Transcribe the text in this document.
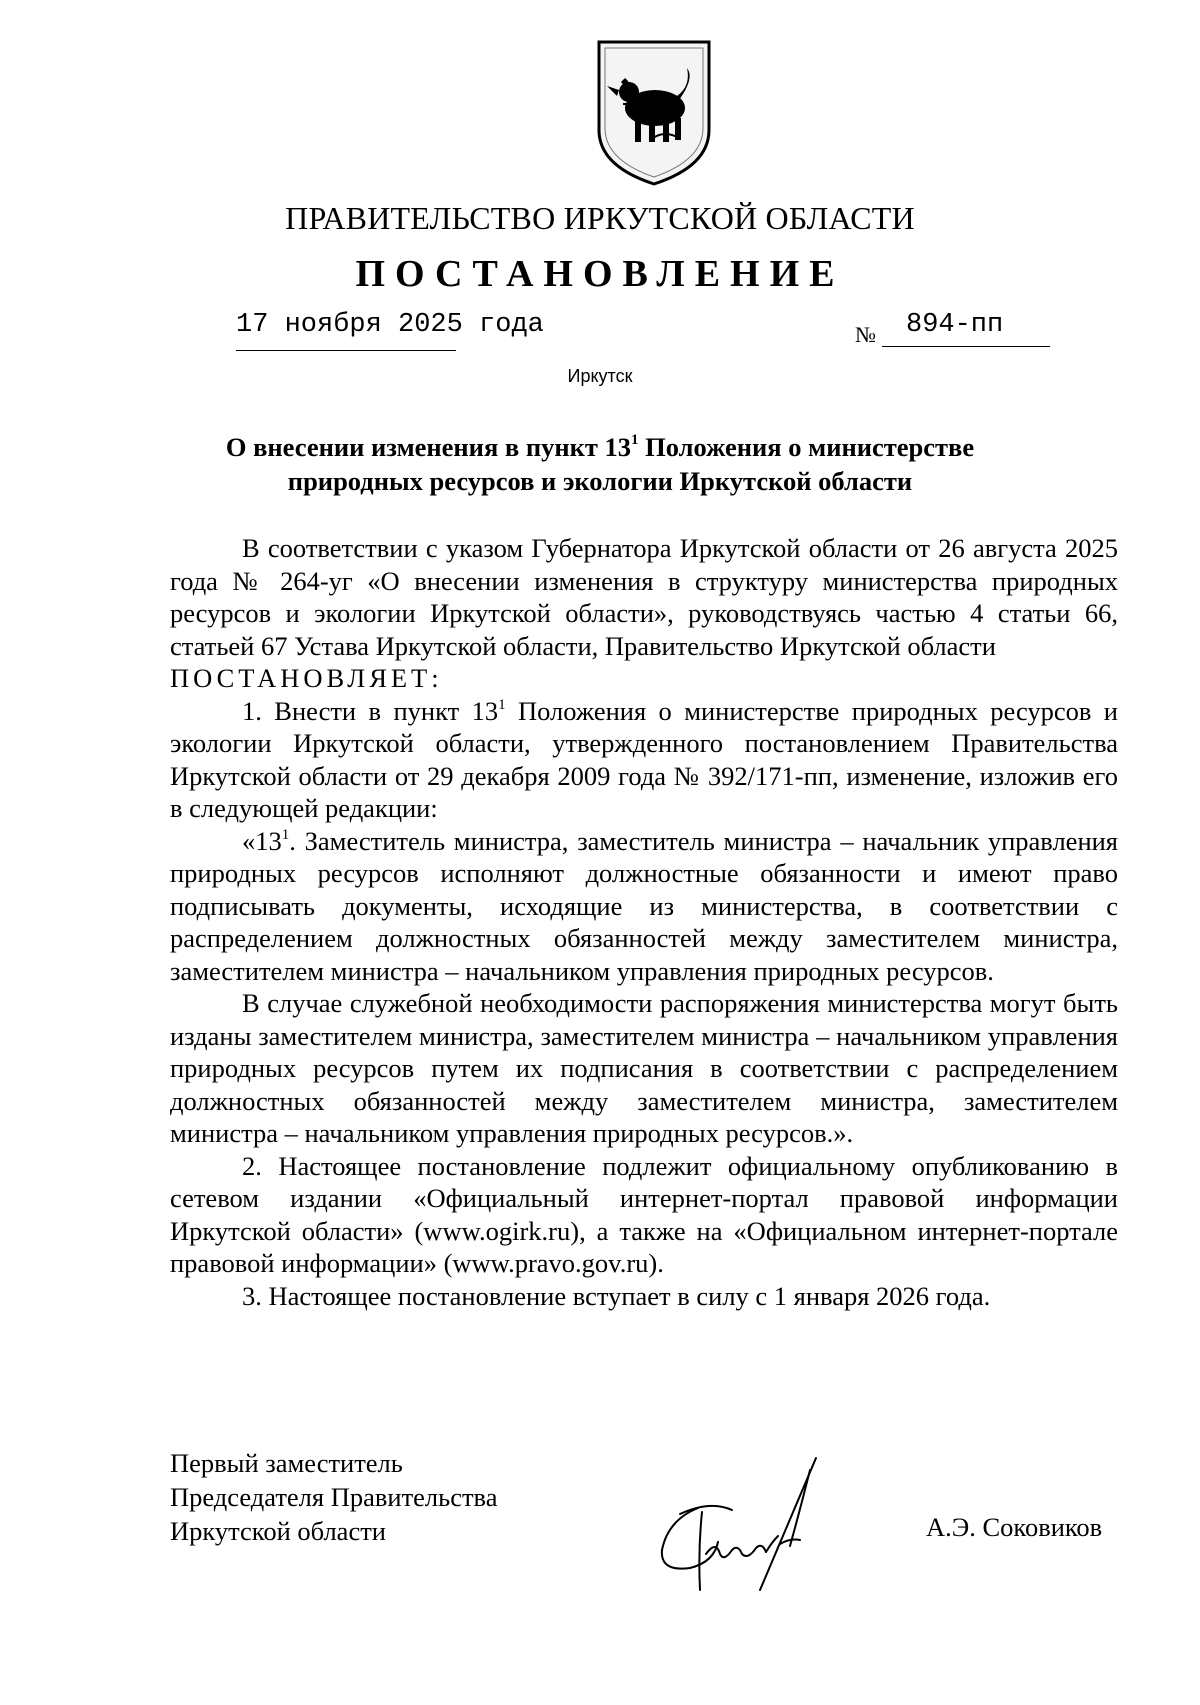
ПРАВИТЕЛЬСТВО ИРКУТСКОЙ ОБЛАСТИ
ПОСТАНОВЛЕНИЕ
17 ноября 2025 года	№ 894-пп
Иркутск
О внесении изменения в пункт $13^1$ Положения о министерстве
природных ресурсов и экологии Иркутской области

В соответствии с указом Губернатора Иркутской области от 26 августа 2025 года № 264-уг «О внесении изменения в структуру министерства природных ресурсов и экологии Иркутской области», руководствуясь частью 4 статьи 66, статьей 67 Устава Иркутской области, Правительство Иркутской области

ПОСТАНОВЛЯЕТ:

1. Внести в пункт $13^1$ Положения о министерстве природных ресурсов и экологии Иркутской области, утвержденного постановлением Правительства Иркутской области от 29 декабря 2009 года № 392/171-пп, изменение, изложив его в следующей редакции:

«$13^1$. Заместитель министра, заместитель министра – начальник управления природных ресурсов исполняют должностные обязанности и имеют право подписывать документы, исходящие из министерства, в соответствии с распределением должностных обязанностей между заместителем министра, заместителем министра – начальником управления природных ресурсов.

В случае служебной необходимости распоряжения министерства могут быть изданы заместителем министра, заместителем министра – начальником управления природных ресурсов путем их подписания в соответствии с распределением должностных обязанностей между заместителем министра, заместителем министра – начальником управления природных ресурсов.».

2. Настоящее постановление подлежит официальному опубликованию в сетевом издании «Официальный интернет-портал правовой информации Иркутской области» (www.ogirk.ru), а также на «Официальном интернет-портале правовой информации» (www.pravo.gov.ru).

3. Настоящее постановление вступает в силу с 1 января 2026 года.

Первый заместитель
Председателя Правительства
Иркутской области	А.Э. Соковиков
